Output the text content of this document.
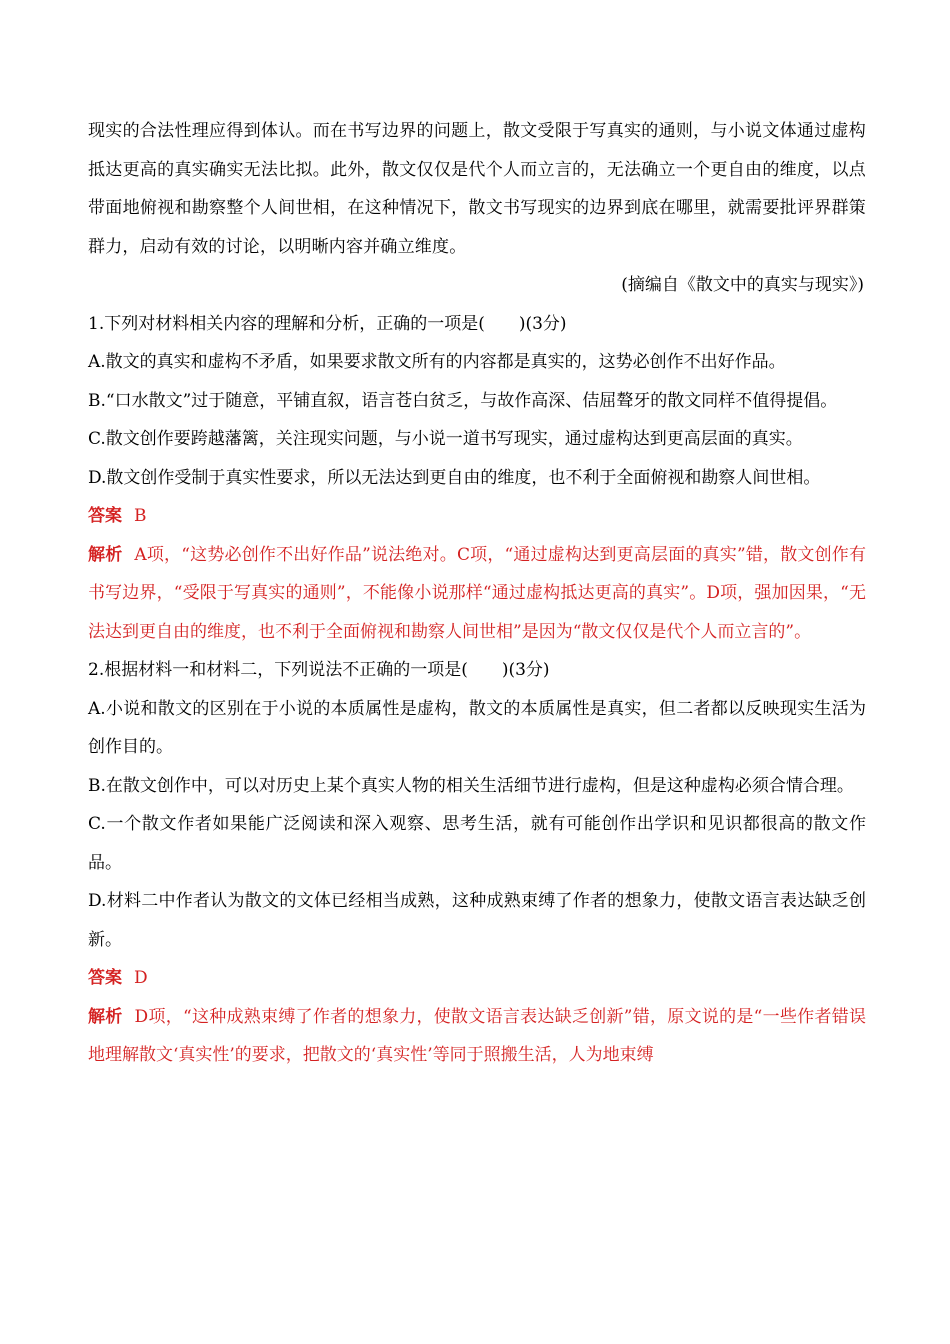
现实的合法性理应得到体认。而在书写边界的问题上，散文受限于写真实的通则，与小说文体通过虚构抵达更高的真实确实无法比拟。此外，散文仅仅是代个人而立言的，无法确立一个更自由的维度，以点带面地俯视和勘察整个人间世相，在这种情况下，散文书写现实的边界到底在哪里，就需要批评界群策群力，启动有效的讨论，以明晰内容并确立维度。

(摘编自《散文中的真实与现实》)

1.下列对材料相关内容的理解和分析，正确的一项是(　　)(3分)

A.散文的真实和虚构不矛盾，如果要求散文所有的内容都是真实的，这势必创作不出好作品。

B.“口水散文”过于随意，平铺直叙，语言苍白贫乏，与故作高深、佶屈聱牙的散文同样不值得提倡。

C.散文创作要跨越藩篱，关注现实问题，与小说一道书写现实，通过虚构达到更高层面的真实。

D.散文创作受制于真实性要求，所以无法达到更自由的维度，也不利于全面俯视和勘察人间世相。

答案 B

解析 A项，“这势必创作不出好作品”说法绝对。C项，“通过虚构达到更高层面的真实”错，散文创作有书写边界，“受限于写真实的通则”，不能像小说那样“通过虚构抵达更高的真实”。D项，强加因果，“无法达到更自由的维度，也不利于全面俯视和勘察人间世相”是因为“散文仅仅是代个人而立言的”。

2.根据材料一和材料二，下列说法不正确的一项是(　　)(3分)

A.小说和散文的区别在于小说的本质属性是虚构，散文的本质属性是真实，但二者都以反映现实生活为创作目的。

B.在散文创作中，可以对历史上某个真实人物的相关生活细节进行虚构，但是这种虚构必须合情合理。

C.一个散文作者如果能广泛阅读和深入观察、思考生活，就有可能创作出学识和见识都很高的散文作品。

D.材料二中作者认为散文的文体已经相当成熟，这种成熟束缚了作者的想象力，使散文语言表达缺乏创新。

答案 D

解析 D项，“这种成熟束缚了作者的想象力，使散文语言表达缺乏创新”错，原文说的是“一些作者错误地理解散文‘真实性’的要求，把散文的‘真实性’等同于照搬生活，人为地束缚
